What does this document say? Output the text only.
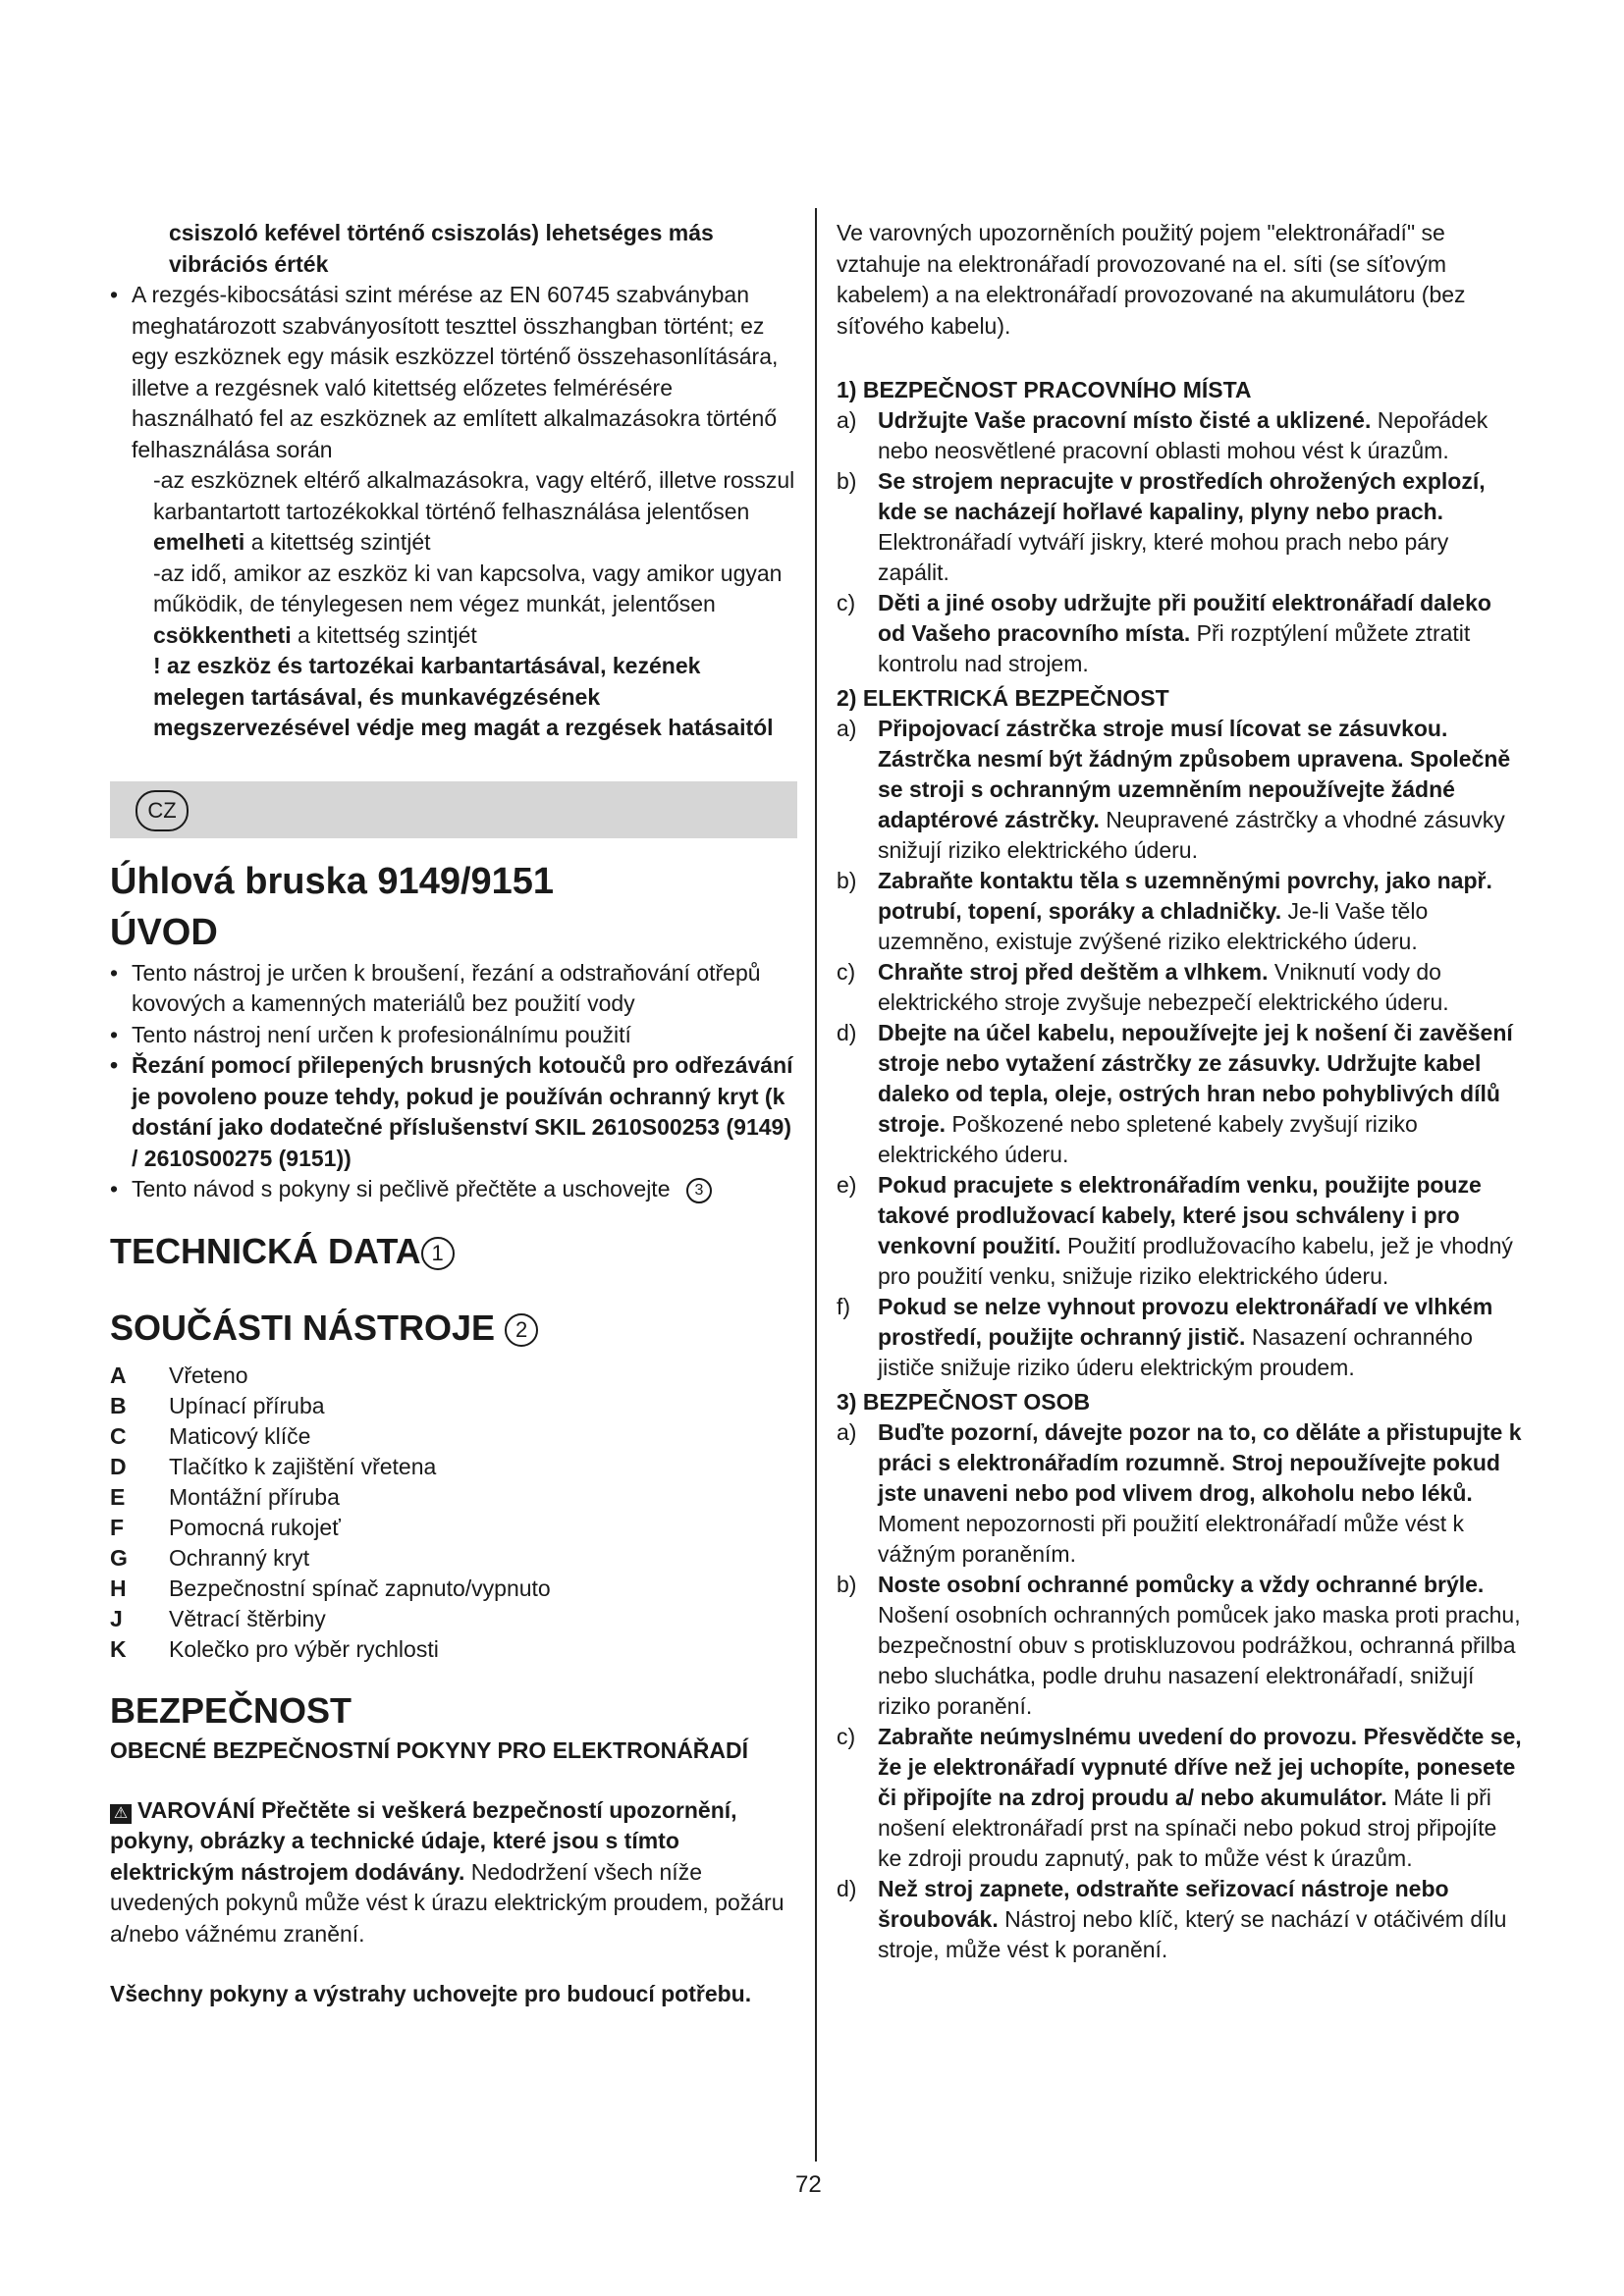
csiszoló kefével történő csiszolás) lehetséges más vibrációs érték

• A rezgés-kibocsátási szint mérése az EN 60745 szabványban meghatározott szabványosított teszttel összhangban történt; ez egy eszköznek egy másik eszközzel történő összehasonlítására, illetve a rezgésnek való kitettség előzetes felmérésére használható fel az eszköznek az említett alkalmazásokra történő felhasználása során

-az eszköznek eltérő alkalmazásokra, vagy eltérő, illetve rosszul karbantartott tartozékokkal történő felhasználása jelentősen emelheti a kitettség szintjét

-az idő, amikor az eszköz ki van kapcsolva, vagy amikor ugyan működik, de ténylegesen nem végez munkát, jelentősen csökkentheti a kitettség szintjét

! az eszköz és tartozékai karbantartásával, kezének melegen tartásával, és munkavégzésének megszervezésével védje meg magát a rezgések hatásaitól

CZ
Úhlová bruska 9149/9151
ÚVOD
• Tento nástroj je určen k broušení, řezání a odstraňování otřepů kovových a kamenných materiálů bez použití vody
• Tento nástroj není určen k profesionálnímu použití
• Řezání pomocí přilepených brusných kotoučů pro odřezávání je povoleno pouze tehdy, pokud je používán ochranný kryt (k dostání jako dodatečné příslušenství SKIL 2610S00253 (9149) / 2610S00275 (9151))
• Tento návod s pokyny si pečlivě přečtěte a uschovejte 3
TECHNICKÁ DATA 1
SOUČÁSTI NÁSTROJE 2
A	Vřeteno
B	Upínací příruba
C	Maticový klíče
D	Tlačítko k zajištění vřetena
E	Montážní příruba
F	Pomocná rukojeť
G	Ochranný kryt
H	Bezpečnostní spínač zapnuto/vypnuto
J	Větrací štěrbiny
K	Kolečko pro výběr rychlosti
BEZPEČNOST

OBECNÉ BEZPEČNOSTNÍ POKYNY PRO ELEKTRONÁŘADÍ

⚠ VAROVÁNÍ Přečtěte si veškerá bezpečností upozornění, pokyny, obrázky a technické údaje, které jsou s tímto elektrickým nástrojem dodávány. Nedodržení všech níže uvedených pokynů může vést k úrazu elektrickým proudem, požáru a/nebo vážnému zranění.

Všechny pokyny a výstrahy uchovejte pro budoucí potřebu.

Ve varovných upozorněních použitý pojem "elektronářadí" se vztahuje na elektronářadí provozované na el. síti (se síťovým kabelem) a na elektronářadí provozované na akumulátoru (bez síťového kabelu).

1) BEZPEČNOST PRACOVNÍHO MÍSTA
a) Udržujte Vaše pracovní místo čisté a uklizené. Nepořádek nebo neosvětlené pracovní oblasti mohou vést k úrazům.
b) Se strojem nepracujte v prostředích ohrožených explozí, kde se nacházejí hořlavé kapaliny, plyny nebo prach. Elektronářadí vytváří jiskry, které mohou prach nebo páry zapálit.
c) Děti a jiné osoby udržujte při použití elektronářadí daleko od Vašeho pracovního místa. Při rozptýlení můžete ztratit kontrolu nad strojem.
2) ELEKTRICKÁ BEZPEČNOST
a) Připojovací zástrčka stroje musí lícovat se zásuvkou. Zástrčka nesmí být žádným způsobem upravena. Společně se stroji s ochranným uzemněním nepoužívejte žádné adaptérové zástrčky. Neupravené zástrčky a vhodné zásuvky snižují riziko elektrického úderu.
b) Zabraňte kontaktu těla s uzemněnými povrchy, jako např. potrubí, topení, sporáky a chladničky. Je-li Vaše tělo uzemněno, existuje zvýšené riziko elektrického úderu.
c) Chraňte stroj před deštěm a vlhkem. Vniknutí vody do elektrického stroje zvyšuje nebezpečí elektrického úderu.
d) Dbejte na účel kabelu, nepoužívejte jej k nošení či zavěšení stroje nebo vytažení zástrčky ze zásuvky. Udržujte kabel daleko od tepla, oleje, ostrých hran nebo pohyblivých dílů stroje. Poškozené nebo spletené kabely zvyšují riziko elektrického úderu.
e) Pokud pracujete s elektronářadím venku, použijte pouze takové prodlužovací kabely, které jsou schváleny i pro venkovní použití. Použití prodlužovacího kabelu, jež je vhodný pro použití venku, snižuje riziko elektrického úderu.
f) Pokud se nelze vyhnout provozu elektronářadí ve vlhkém prostředí, použijte ochranný jistič. Nasazení ochranného jističe snižuje riziko úderu elektrickým proudem.
3) BEZPEČNOST OSOB
a) Buďte pozorní, dávejte pozor na to, co děláte a přistupujte k práci s elektronářadím rozumně. Stroj nepoužívejte pokud jste unaveni nebo pod vlivem drog, alkoholu nebo léků. Moment nepozornosti při použití elektronářadí může vést k vážným poraněním.
b) Noste osobní ochranné pomůcky a vždy ochranné brýle. Nošení osobních ochranných pomůcek jako maska proti prachu, bezpečnostní obuv s protiskluzovou podrážkou, ochranná přilba nebo sluchátka, podle druhu nasazení elektronářadí, snižují riziko poranění.
c) Zabraňte neúmyslnému uvedení do provozu. Přesvědčte se, že je elektronářadí vypnuté dříve než jej uchopíte, ponesete či připojíte na zdroj proudu a/ nebo akumulátor. Máte li při nošení elektronářadí prst na spínači nebo pokud stroj připojíte ke zdroji proudu zapnutý, pak to může vést k úrazům.
d) Než stroj zapnete, odstraňte seřizovací nástroje nebo šroubovák. Nástroj nebo klíč, který se nachází v otáčivém dílu stroje, může vést k poranění.
72
